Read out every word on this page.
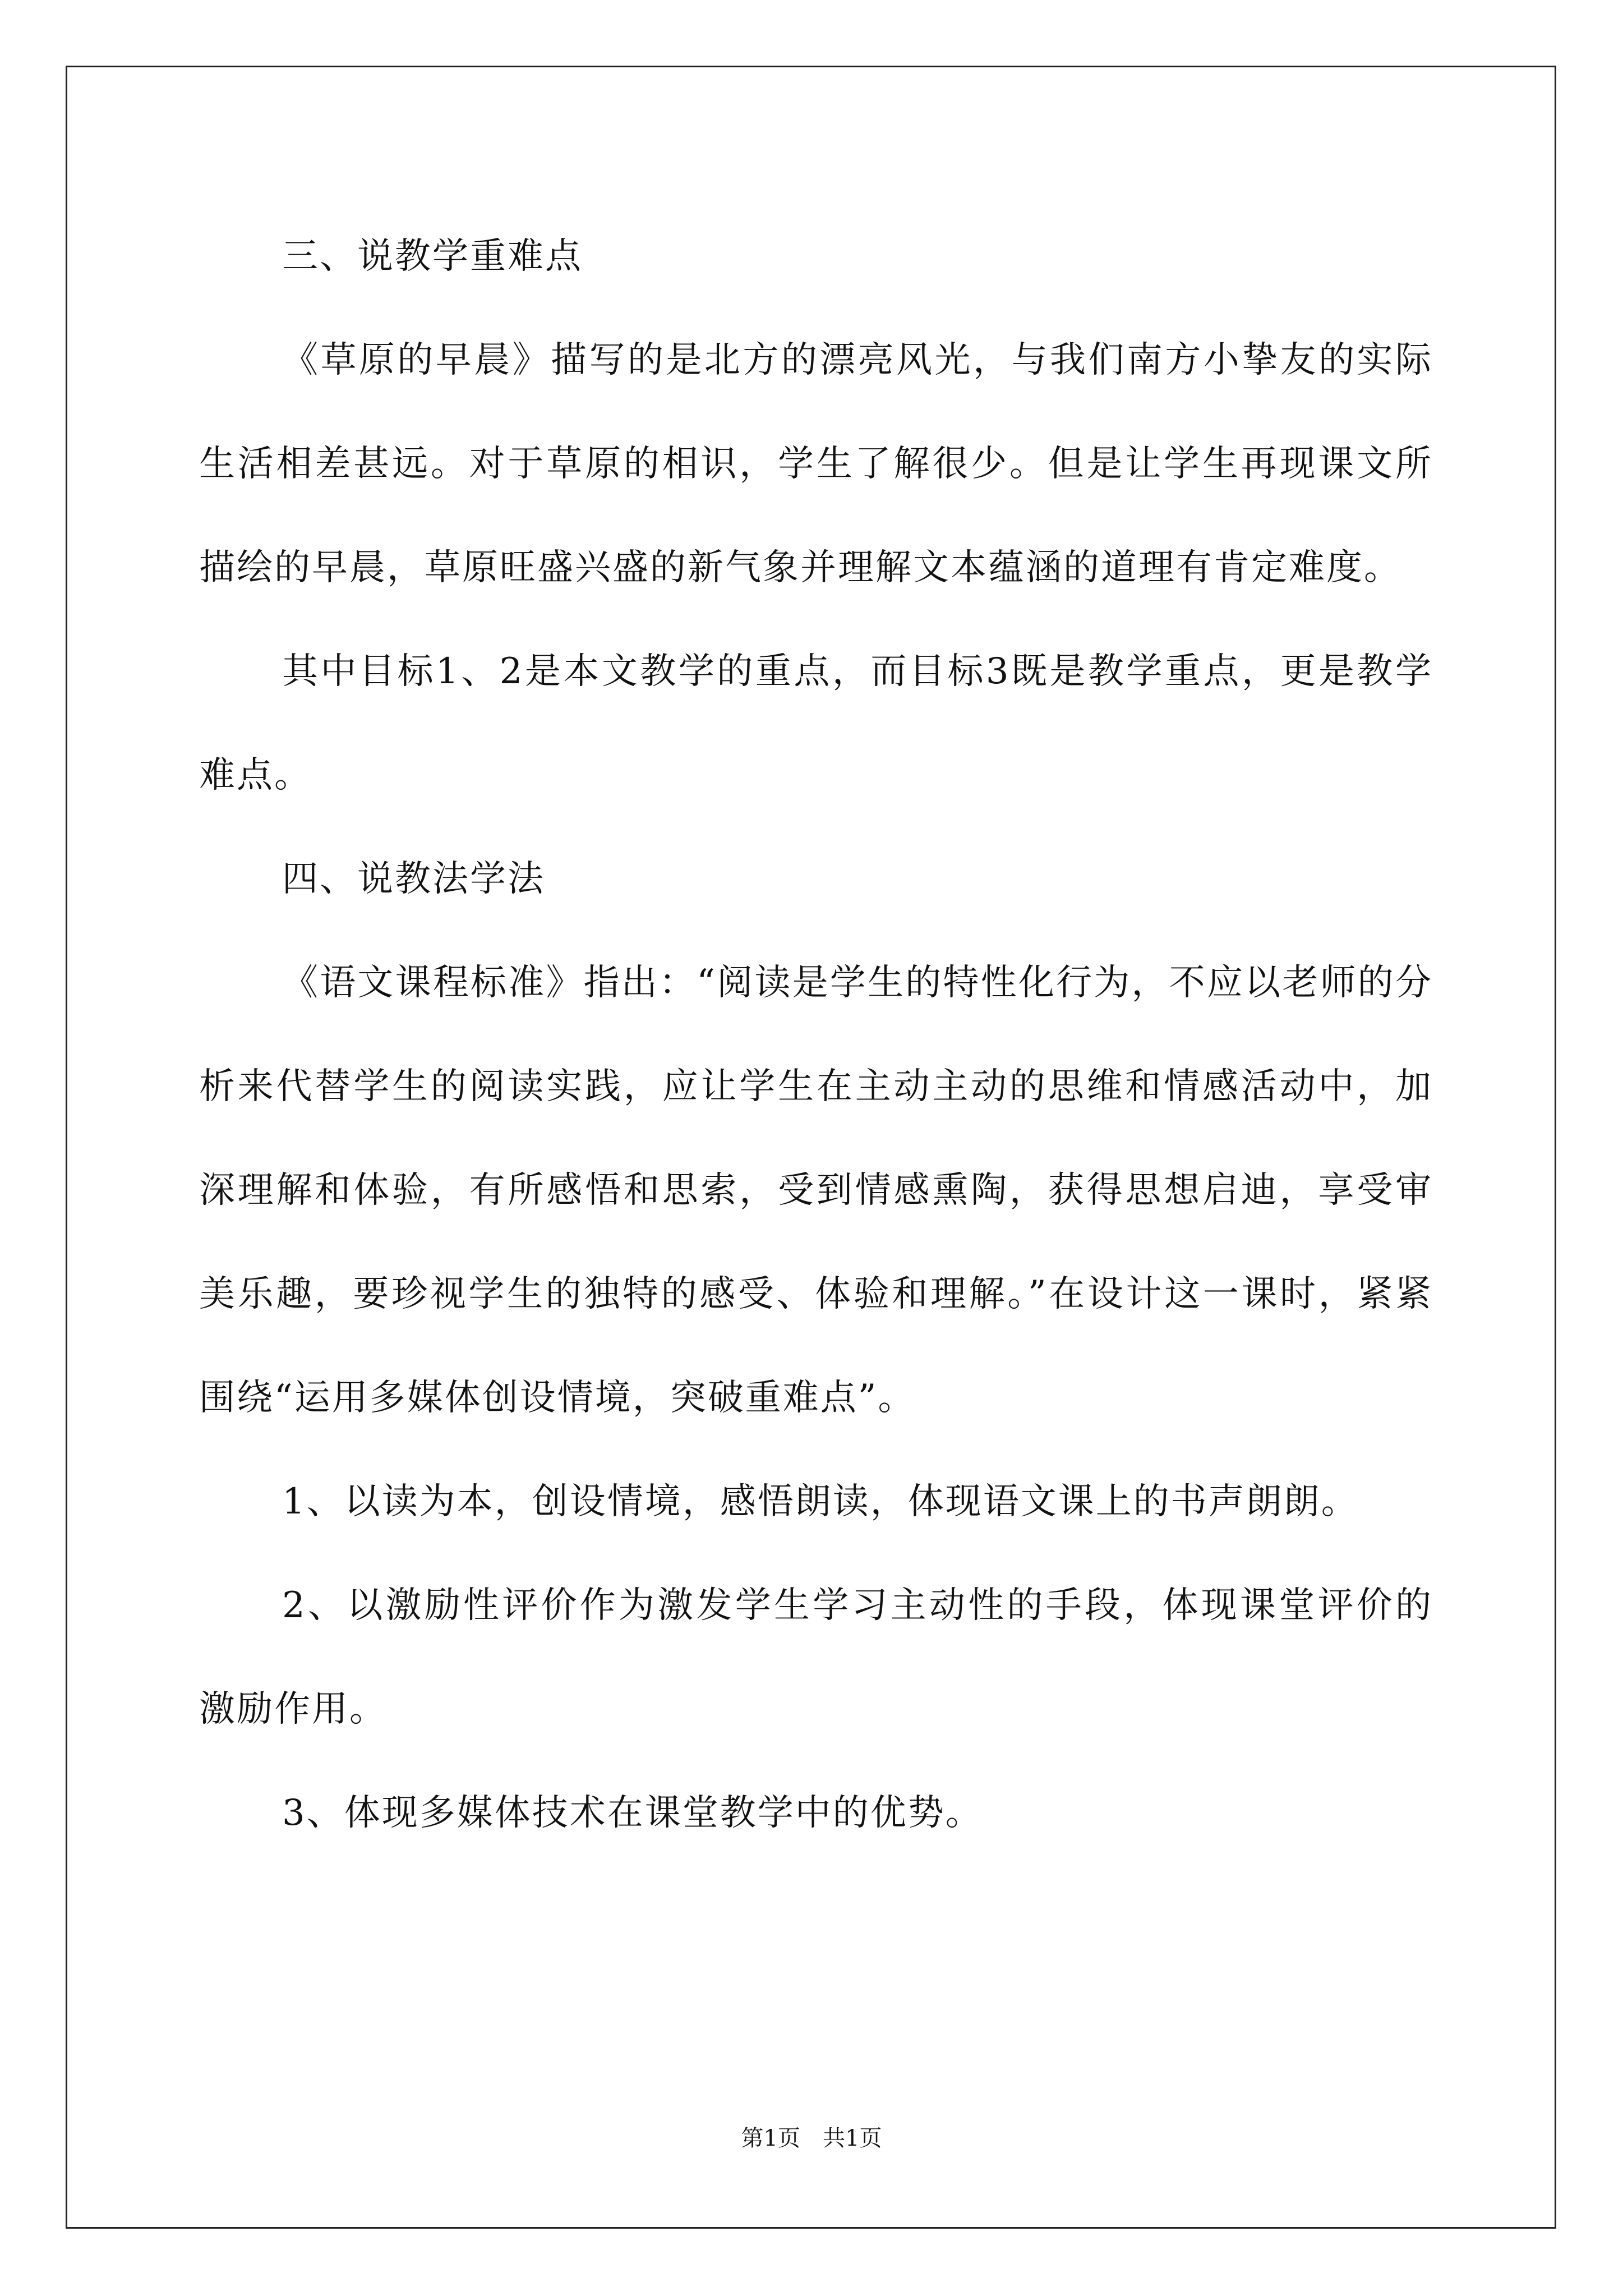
三、说教学重难点

《草原的早晨》描写的是北方的漂亮风光，与我们南方小挚友的实际生活相差甚远。对于草原的相识，学生了解很少。但是让学生再现课文所描绘的早晨，草原旺盛兴盛的新气象并理解文本蕴涵的道理有肯定难度。

其中目标1、2是本文教学的重点，而目标3既是教学重点，更是教学难点。

四、说教法学法

《语文课程标准》指出：“阅读是学生的特性化行为，不应以老师的分析来代替学生的阅读实践，应让学生在主动主动的思维和情感活动中，加深理解和体验，有所感悟和思索，受到情感熏陶，获得思想启迪，享受审美乐趣，要珍视学生的独特的感受、体验和理解。”在设计这一课时，紧紧围绕“运用多媒体创设情境，突破重难点”。

1、以读为本，创设情境，感悟朗读，体现语文课上的书声朗朗。

2、以激励性评价作为激发学生学习主动性的手段，体现课堂评价的激励作用。

3、体现多媒体技术在课堂教学中的优势。

第1页　共1页
